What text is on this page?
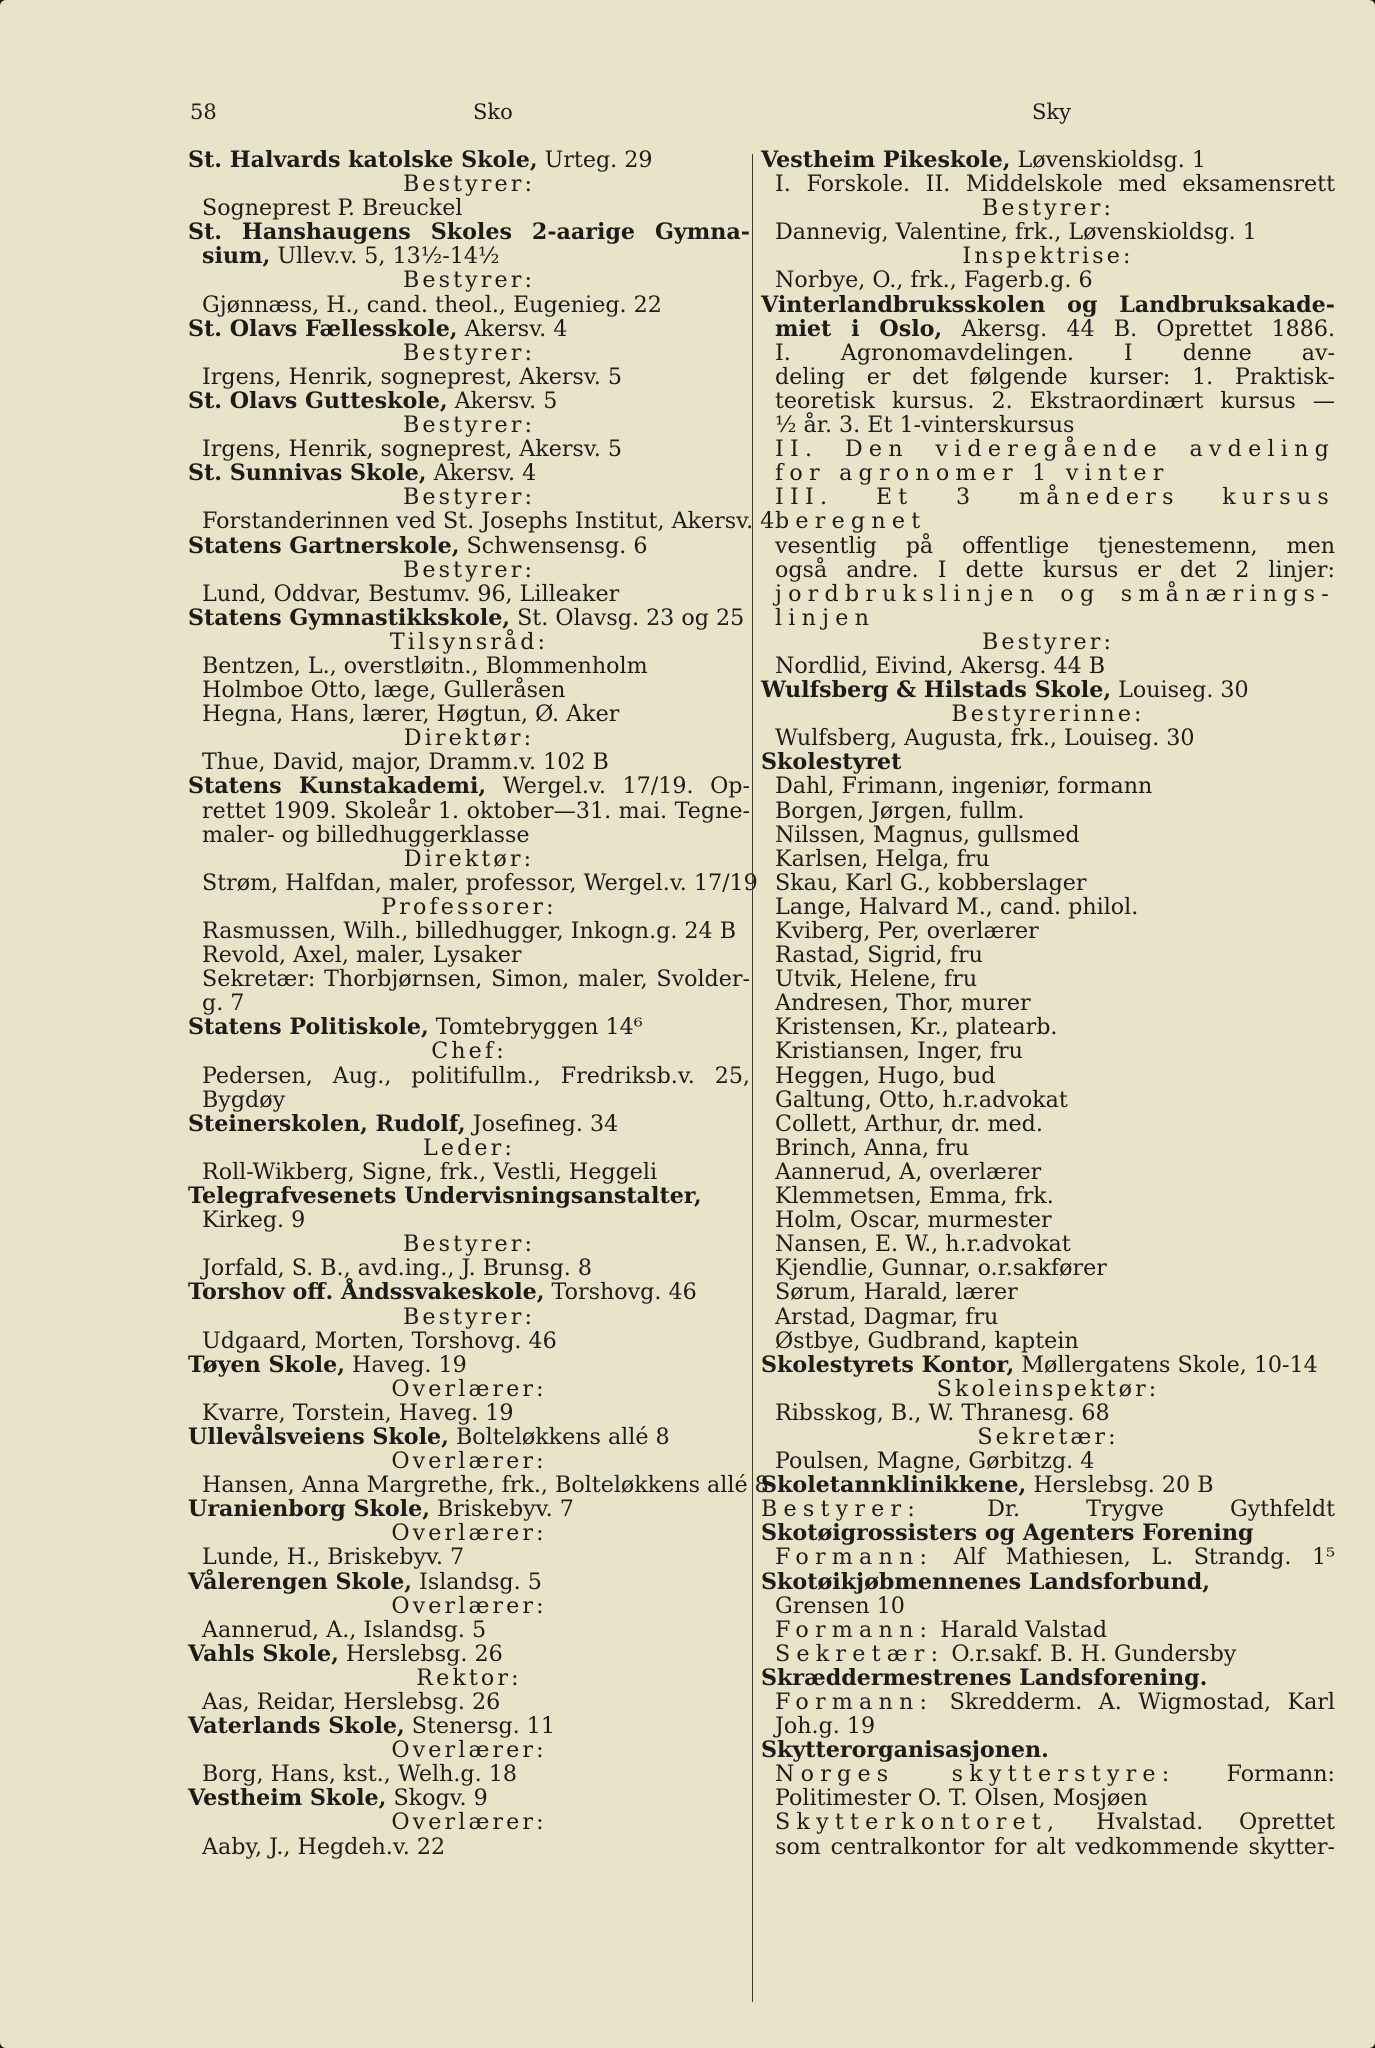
58	Sko	Sky
St. Halvards katolske Skole, Urteg. 29
Bestyrer:
Sogneprest P. Breuckel
St. Hanshaugens Skoles 2-aarige Gymna-
sium, Ullev.v. 5, 13½-14½
Bestyrer:
Gjønnæss, H., cand. theol., Eugenieg. 22
St. Olavs Fællesskole, Akersv. 4
Bestyrer:
Irgens, Henrik, sogneprest, Akersv. 5
St. Olavs Gutteskole, Akersv. 5
Bestyrer:
Irgens, Henrik, sogneprest, Akersv. 5
St. Sunnivas Skole, Akersv. 4
Bestyrer:
Forstanderinnen ved St. Josephs Institut, Akersv. 4
Statens Gartnerskole, Schwensensg. 6
Bestyrer:
Lund, Oddvar, Bestumv. 96, Lilleaker
Statens Gymnastikkskole, St. Olavsg. 23 og 25
Tilsynsråd:
Bentzen, L., overstløitn., Blommenholm
Holmboe Otto, læge, Gulleråsen
Hegna, Hans, lærer, Høgtun, Ø. Aker
Direktør:
Thue, David, major, Dramm.v. 102 B
Statens Kunstakademi, Wergel.v. 17/19. Op-
rettet 1909. Skoleår 1. oktober—31. mai. Tegne-
maler- og billedhuggerklasse
Direktør:
Strøm, Halfdan, maler, professor, Wergel.v. 17/19
Professorer:
Rasmussen, Wilh., billedhugger, Inkogn.g. 24 B
Revold, Axel, maler, Lysaker
Sekretær: Thorbjørnsen, Simon, maler, Svolder-
g. 7
Statens Politiskole, Tomtebryggen 14⁶
Chef:
Pedersen, Aug., politifullm., Fredriksb.v. 25,
Bygdøy
Steinerskolen, Rudolf, Josefineg. 34
Leder:
Roll-Wikberg, Signe, frk., Vestli, Heggeli
Telegrafvesenets Undervisningsanstalter,
Kirkeg. 9
Bestyrer:
Jorfald, S. B., avd.ing., J. Brunsg. 8
Torshov off. Åndssvakeskole, Torshovg. 46
Bestyrer:
Udgaard, Morten, Torshovg. 46
Tøyen Skole, Haveg. 19
Overlærer:
Kvarre, Torstein, Haveg. 19
Ullevålsveiens Skole, Bolteløkkens allé 8
Overlærer:
Hansen, Anna Margrethe, frk., Bolteløkkens allé 8
Uranienborg Skole, Briskebyv. 7
Overlærer:
Lunde, H., Briskebyv. 7
Vålerengen Skole, Islandsg. 5
Overlærer:
Aannerud, A., Islandsg. 5
Vahls Skole, Herslebsg. 26
Rektor:
Aas, Reidar, Herslebsg. 26
Vaterlands Skole, Stenersg. 11
Overlærer:
Borg, Hans, kst., Welh.g. 18
Vestheim Skole, Skogv. 9
Overlærer:
Aaby, J., Hegdeh.v. 22
Vestheim Pikeskole, Løvenskioldsg. 1
I. Forskole. II. Middelskole med eksamensrett
Bestyrer:
Dannevig, Valentine, frk., Løvenskioldsg. 1
Inspektrise:
Norbye, O., frk., Fagerb.g. 6
Vinterlandbruksskolen og Landbruksakade-
miet i Oslo, Akersg. 44 B. Oprettet 1886.
I. Agronomavdelingen. I denne av-
deling er det følgende kurser: 1. Praktisk-
teoretisk kursus. 2. Ekstraordinært kursus —
½ år. 3. Et 1-vinterskursus
II. Den videregående avdeling
for agronomer 1 vinter
III. Et 3 måneders kursus beregnet
vesentlig på offentlige tjenestemenn, men
også andre. I dette kursus er det 2 linjer:
jordbrukslinjen og smånærings-
linjen
Bestyrer:
Nordlid, Eivind, Akersg. 44 B
Wulfsberg & Hilstads Skole, Louiseg. 30
Bestyrerinne:
Wulfsberg, Augusta, frk., Louiseg. 30
Skolestyret
Dahl, Frimann, ingeniør, formann
Borgen, Jørgen, fullm.
Nilssen, Magnus, gullsmed
Karlsen, Helga, fru
Skau, Karl G., kobberslager
Lange, Halvard M., cand. philol.
Kviberg, Per, overlærer
Rastad, Sigrid, fru
Utvik, Helene, fru
Andresen, Thor, murer
Kristensen, Kr., platearb.
Kristiansen, Inger, fru
Heggen, Hugo, bud
Galtung, Otto, h.r.advokat
Collett, Arthur, dr. med.
Brinch, Anna, fru
Aannerud, A, overlærer
Klemmetsen, Emma, frk.
Holm, Oscar, murmester
Nansen, E. W., h.r.advokat
Kjendlie, Gunnar, o.r.sakfører
Sørum, Harald, lærer
Arstad, Dagmar, fru
Østbye, Gudbrand, kaptein
Skolestyrets Kontor, Møllergatens Skole, 10-14
Skoleinspektør:
Ribsskog, B., W. Thranesg. 68
Sekretær:
Poulsen, Magne, Gørbitzg. 4
Skoletannklinikkene, Herslebsg. 20 B
Bestyrer: Dr. Trygve Gythfeldt
Skotøigrossisters og Agenters Forening
Formann: Alf Mathiesen, L. Strandg. 1⁵
Skotøikjøbmennenes Landsforbund,
Grensen 10
Formann: Harald Valstad
Sekretær: O.r.sakf. B. H. Gundersby
Skræddermestrenes Landsforening.
Formann: Skredderm. A. Wigmostad, Karl
Joh.g. 19
Skytterorganisasjonen.
Norges skytterstyre: Formann:
Politimester O. T. Olsen, Mosjøen
Skytterkontoret, Hvalstad. Oprettet
som centralkontor for alt vedkommende skytter-
